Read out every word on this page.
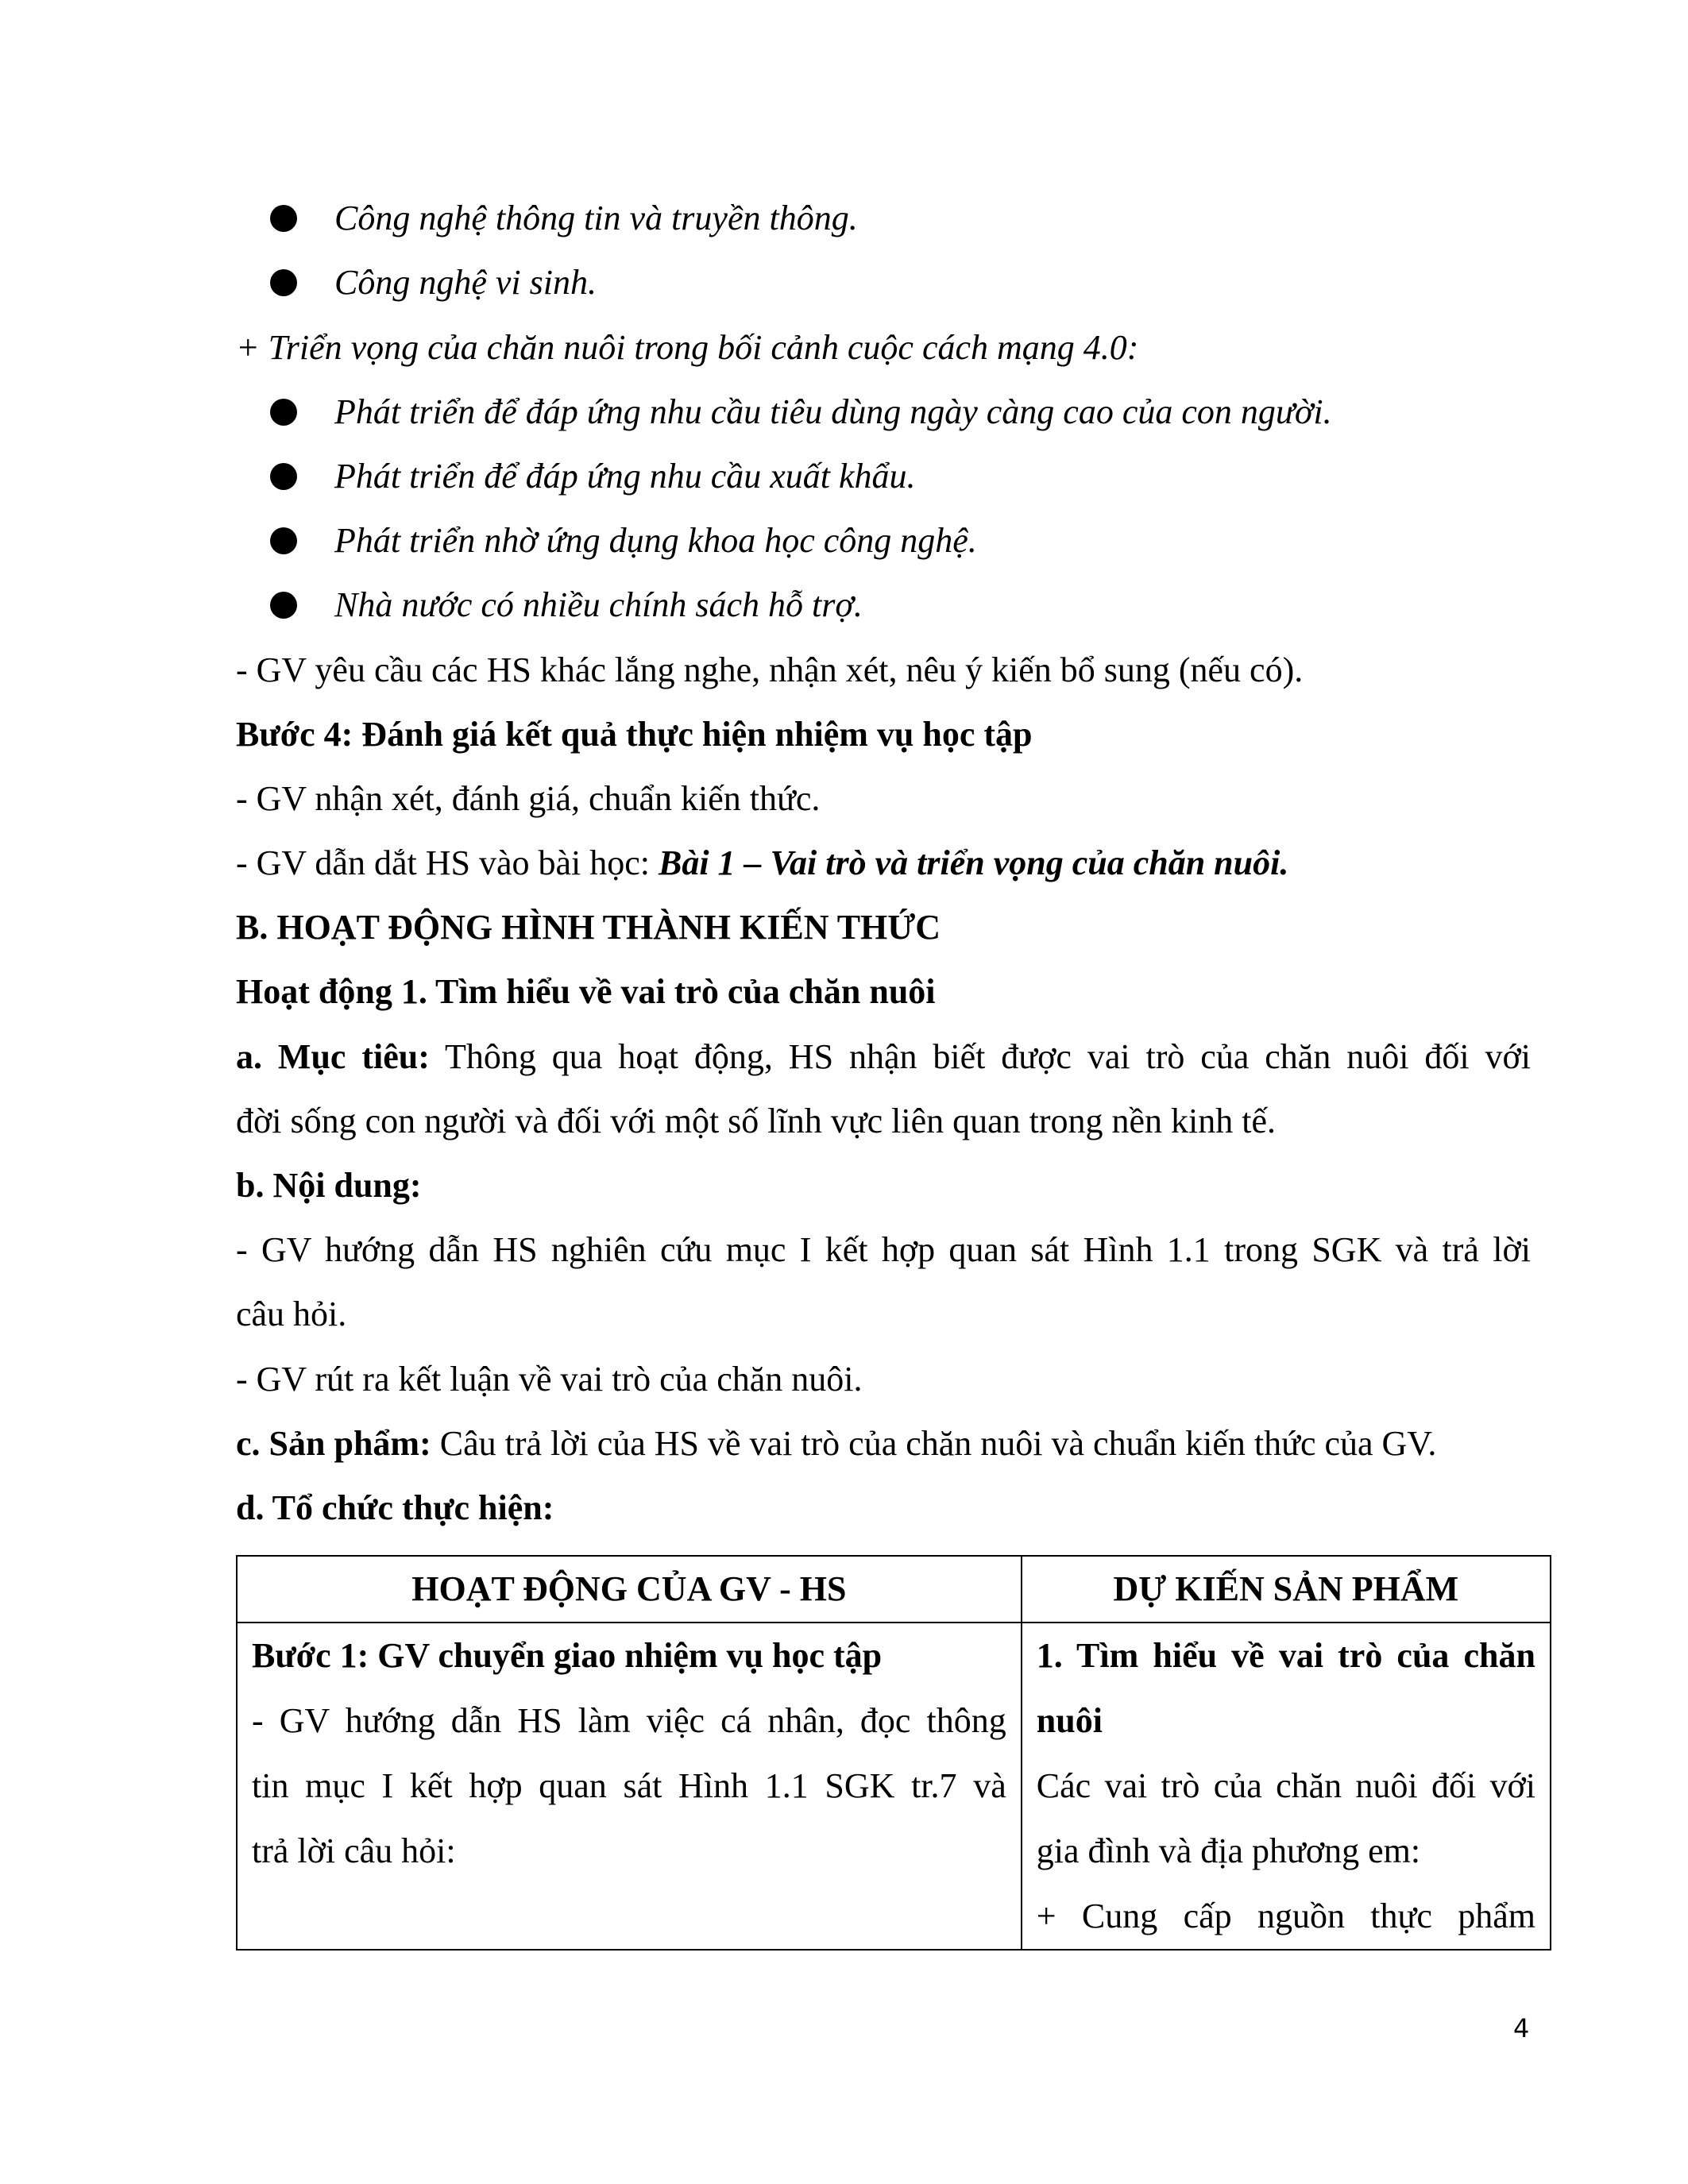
Công nghệ thông tin và truyền thông.
Công nghệ vi sinh.
+ Triển vọng của chăn nuôi trong bối cảnh cuộc cách mạng 4.0:
Phát triển để đáp ứng nhu cầu tiêu dùng ngày càng cao của con người.
Phát triển để đáp ứng nhu cầu xuất khẩu.
Phát triển nhờ ứng dụng khoa học công nghệ.
Nhà nước có nhiều chính sách hỗ trợ.
- GV yêu cầu các HS khác lắng nghe, nhận xét, nêu ý kiến bổ sung (nếu có).
Bước 4: Đánh giá kết quả thực hiện nhiệm vụ học tập
- GV nhận xét, đánh giá, chuẩn kiến thức.
- GV dẫn dắt HS vào bài học: Bài 1 – Vai trò và triển vọng của chăn nuôi.
B. HOẠT ĐỘNG HÌNH THÀNH KIẾN THỨC
Hoạt động 1. Tìm hiểu về vai trò của chăn nuôi
a. Mục tiêu: Thông qua hoạt động, HS nhận biết được vai trò của chăn nuôi đối với
đời sống con người và đối với một số lĩnh vực liên quan trong nền kinh tế.
b. Nội dung:
- GV hướng dẫn HS nghiên cứu mục I kết hợp quan sát Hình 1.1 trong SGK và trả lời
câu hỏi.
- GV rút ra kết luận về vai trò của chăn nuôi.
c. Sản phẩm: Câu trả lời của HS về vai trò của chăn nuôi và chuẩn kiến thức của GV.
d. Tổ chức thực hiện:
HOẠT ĐỘNG CỦA GV - HS	DỰ KIẾN SẢN PHẨM

Bước 1: GV chuyển giao nhiệm vụ học tập
- GV hướng dẫn HS làm việc cá nhân, đọc thông
tin mục I kết hợp quan sát Hình 1.1 SGK tr.7 và
trả lời câu hỏi:	1. Tìm hiểu về vai trò của chăn
nuôi
Các vai trò của chăn nuôi đối với
gia đình và địa phương em:
+ Cung cấp nguồn thực phẩm
4
